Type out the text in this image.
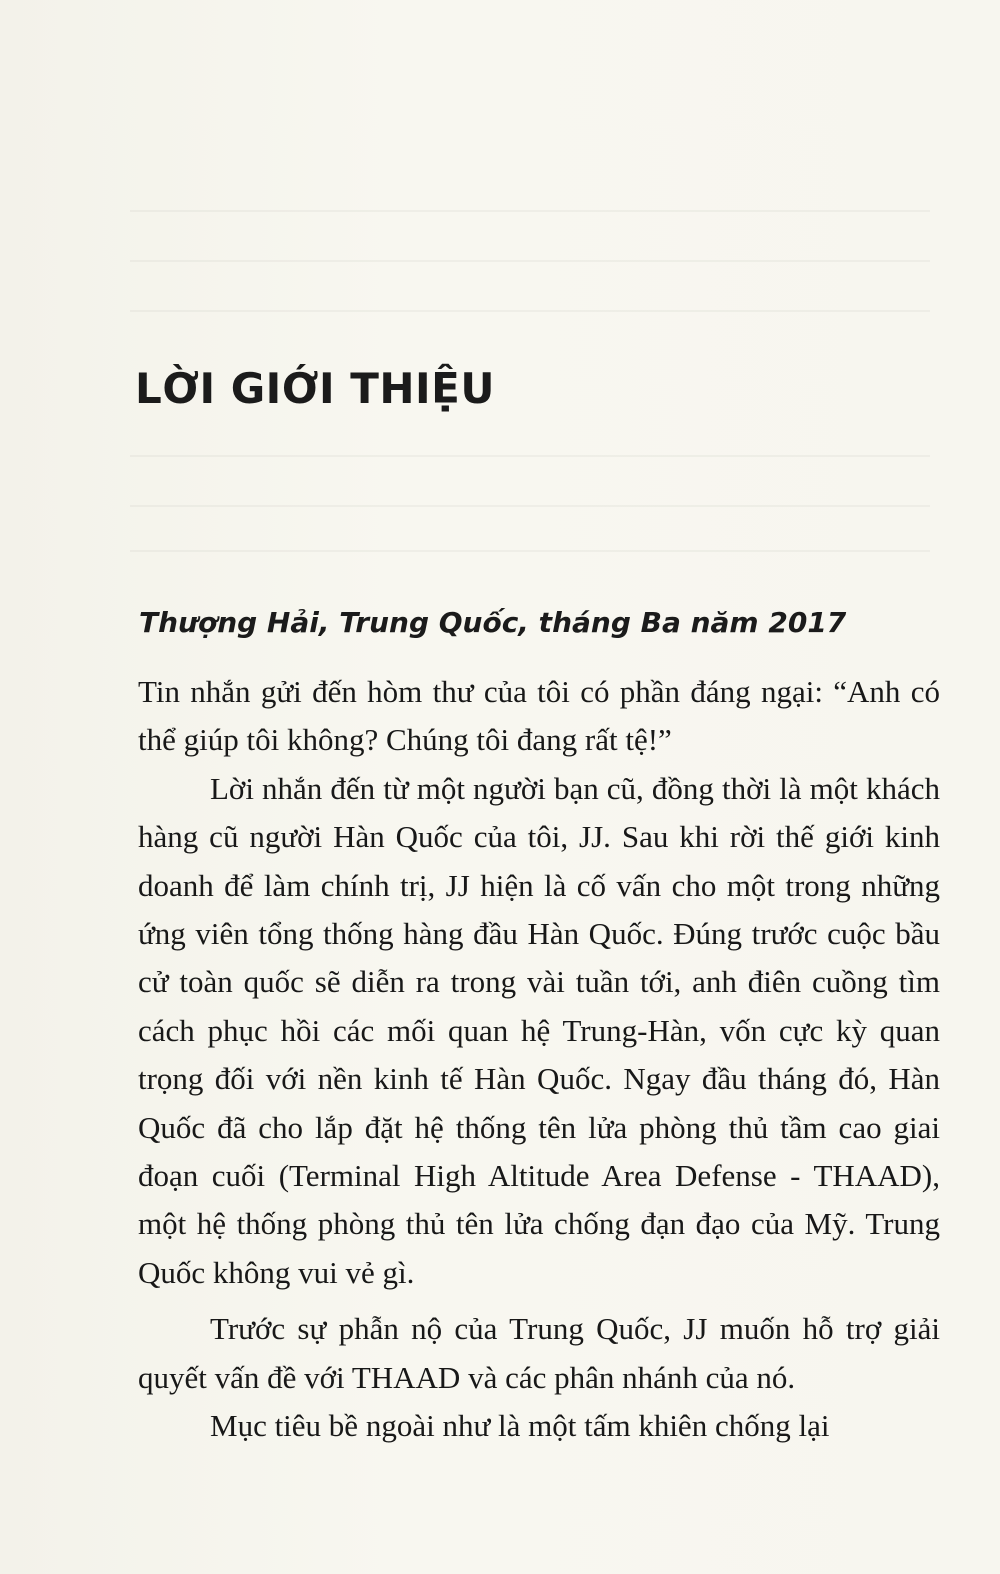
LỜI GIỚI THIỆU
Thượng Hải, Trung Quốc, tháng Ba năm 2017

Tin nhắn gửi đến hòm thư của tôi có phần đáng ngại: “Anh có thể giúp tôi không? Chúng tôi đang rất tệ!”

Lời nhắn đến từ một người bạn cũ, đồng thời là một khách hàng cũ người Hàn Quốc của tôi, JJ. Sau khi rời thế giới kinh doanh để làm chính trị, JJ hiện là cố vấn cho một trong những ứng viên tổng thống hàng đầu Hàn Quốc. Đúng trước cuộc bầu cử toàn quốc sẽ diễn ra trong vài tuần tới, anh điên cuồng tìm cách phục hồi các mối quan hệ Trung-Hàn, vốn cực kỳ quan trọng đối với nền kinh tế Hàn Quốc. Ngay đầu tháng đó, Hàn Quốc đã cho lắp đặt hệ thống tên lửa phòng thủ tầm cao giai đoạn cuối (Terminal High Altitude Area Defense - THAAD), một hệ thống phòng thủ tên lửa chống đạn đạo của Mỹ. Trung Quốc không vui vẻ gì.

Trước sự phẫn nộ của Trung Quốc, JJ muốn hỗ trợ giải quyết vấn đề với THAAD và các phân nhánh của nó.

Mục tiêu bề ngoài như là một tấm khiên chống lại
